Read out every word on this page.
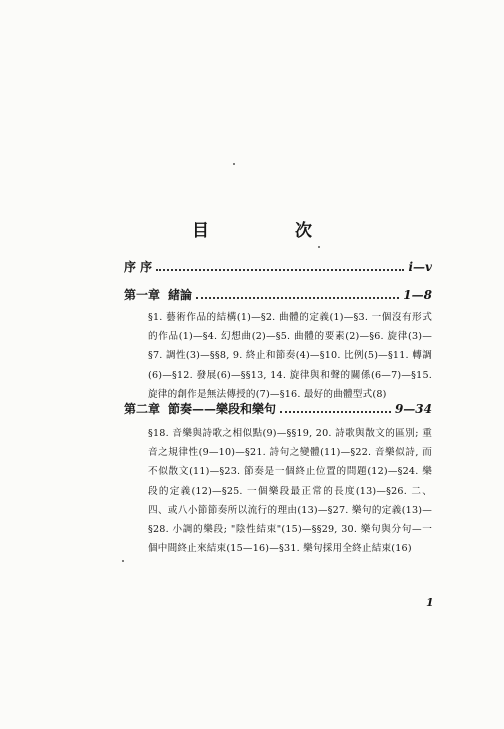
目 次
序 序	i—v
第一章 緒論	1—8
§1. 藝術作品的結構(1)—§2. 曲體的定義(1)—§3. 一個沒有形式的作品(1)—§4. 幻想曲(2)—§5. 曲體的要素(2)—§6. 旋律(3)—§7. 調性(3)—§§8, 9. 終止和節奏(4)—§10. 比例(5)—§11. 轉調(6)—§12. 發展(6)—§§13, 14. 旋律與和聲的關係(6—7)—§15. 旋律的創作是無法傳授的(7)—§16. 最好的曲體型式(8)
第二章 節奏——樂段和樂句	9—34
§18. 音樂與詩歌之相似點(9)—§§19, 20. 詩歌與散文的區別; 重音之規律性(9—10)—§21. 詩句之變體(11)—§22. 音樂似詩, 而不似散文(11)—§23. 節奏是一個終止位置的問題(12)—§24. 樂段的定義(12)—§25. 一個樂段最正常的長度(13)—§26. 二、四、或八小節節奏所以流行的理由(13)—§27. 樂句的定義(13)—§28. 小調的樂段; "陰性結束"(15)—§§29, 30. 樂句與分句—一個中間終止來結束(15—16)—§31. 樂句採用全終止結束(16)
1
